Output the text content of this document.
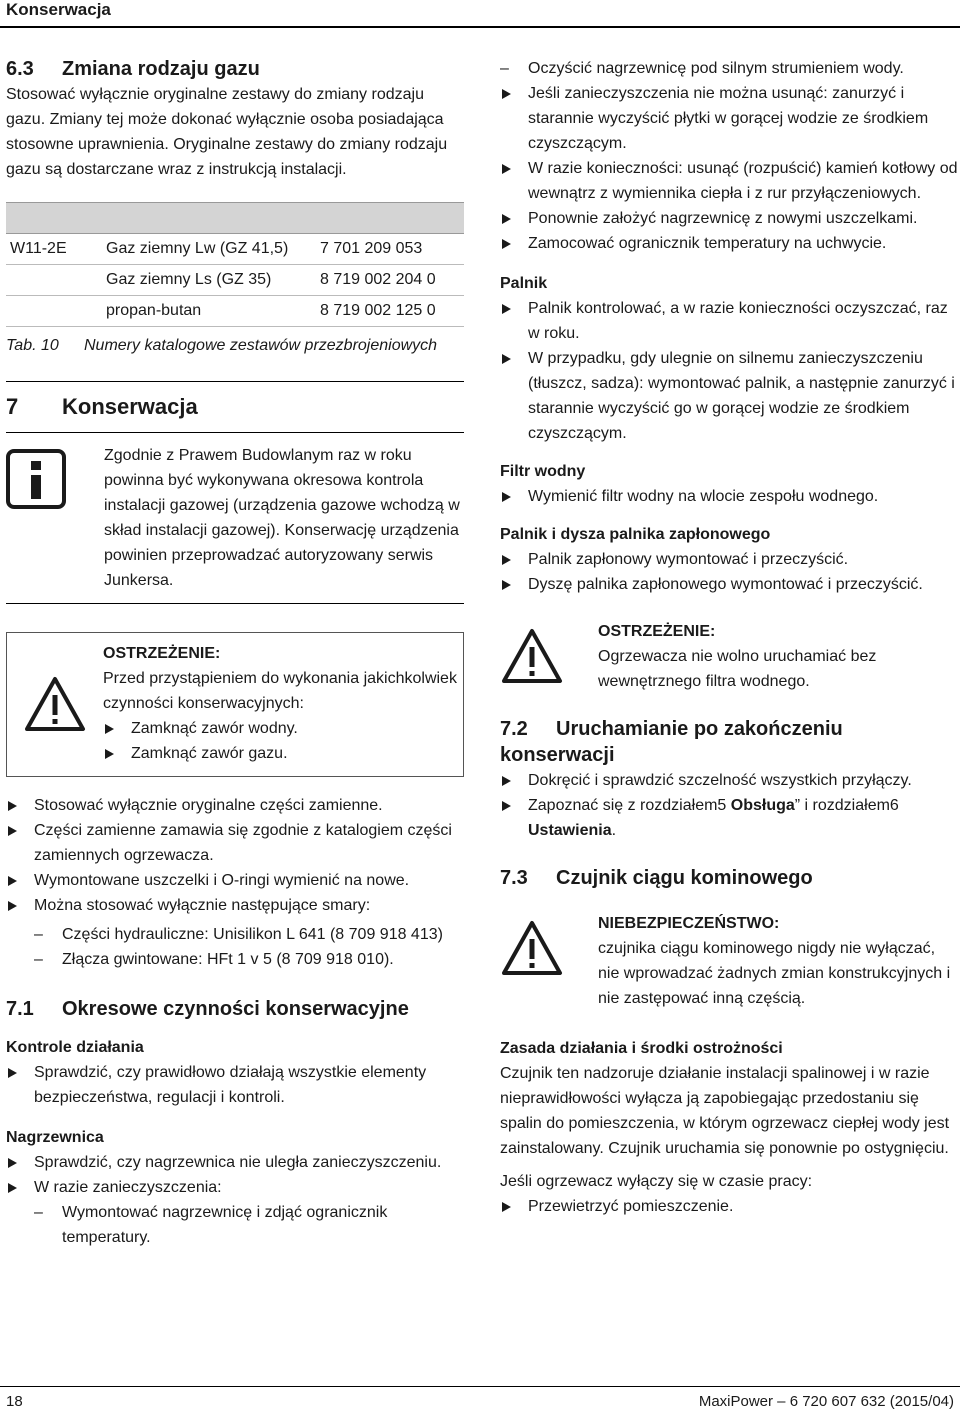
Konserwacja
6.3 Zmiana rodzaju gazu

Stosować wyłącznie oryginalne zestawy do zmiany rodzaju gazu. Zmiany tej może dokonać wyłącznie osoba posiadająca stosowne uprawnienia. Oryginalne zestawy do zmiany rodzaju gazu są dostarczane wraz z instrukcją instalacji.

W11-2E	Gaz ziemny Lw (GZ 41,5)	7 701 209 053
	Gaz ziemny Ls (GZ 35)	8 719 002 204 0
	propan-butan	8 719 002 125 0
Tab. 10	Numery katalogowe zestawów przezbrojeniowych
7 Konserwacja

Zgodnie z Prawem Budowlanym raz w roku powinna być wykonywana okresowa kontrola instalacji gazowej (urządzenia gazowe wchodzą w skład instalacji gazowej). Konserwację urządzenia powinien przeprowadzać autoryzowany serwis Junkersa.

OSTRZEŻENIE:

Przed przystąpieniem do wykonania jakichkolwiek czynności konserwacyjnych:

Zamknąć zawór wodny.
Zamknąć zawór gazu.
Stosować wyłącznie oryginalne części zamienne.
Części zamienne zamawia się zgodnie z katalogiem części zamiennych ogrzewacza.
Wymontowane uszczelki i O-ringi wymienić na nowe.
Można stosować wyłącznie następujące smary:
– Części hydrauliczne: Unisilikon L 641 (8 709 918 413)
– Złącza gwintowane: HFt 1 v 5 (8 709 918 010).
7.1 Okresowe czynności konserwacyjne
Kontrole działania
Sprawdzić, czy prawidłowo działają wszystkie elementy bezpieczeństwa, regulacji i kontroli.
Nagrzewnica
Sprawdzić, czy nagrzewnica nie uległa zanieczyszczeniu.
W razie zanieczyszczenia:
– Wymontować nagrzewnicę i zdjąć ogranicznik temperatury.
– Oczyścić nagrzewnicę pod silnym strumieniem wody.
Jeśli zanieczyszczenia nie można usunąć: zanurzyć i starannie wyczyścić płytki w gorącej wodzie ze środkiem czyszczącym.
W razie konieczności: usunąć (rozpuścić) kamień kotłowy od wewnątrz z wymiennika ciepła i z rur przyłączeniowych.
Ponownie założyć nagrzewnicę z nowymi uszczelkami.
Zamocować ogranicznik temperatury na uchwycie.
Palnik
Palnik kontrolować, a w razie konieczności oczyszczać, raz w roku.
W przypadku, gdy ulegnie on silnemu zanieczyszczeniu (tłuszcz, sadza): wymontować palnik, a następnie zanurzyć i starannie wyczyścić go w gorącej wodzie ze środkiem czyszczącym.
Filtr wodny
Wymienić filtr wodny na wlocie zespołu wodnego.
Palnik i dysza palnika zapłonowego
Palnik zapłonowy wymontować i przeczyścić.
Dyszę palnika zapłonowego wymontować i przeczyścić.
OSTRZEŻENIE:

Ogrzewacza nie wolno uruchamiać bez wewnętrznego filtra wodnego.

7.2 Uruchamianie po zakończeniu konserwacji
Dokręcić i sprawdzić szczelność wszystkich przyłączy.
Zapoznać się z rozdziałem5 Obsługa” i rozdziałem6 Ustawienia.
7.3 Czujnik ciągu kominowego
NIEBEZPIECZEŃSTWO:

czujnika ciągu kominowego nigdy nie wyłączać, nie wprowadzać żadnych zmian konstrukcyjnych i nie zastępować inną częścią.

Zasada działania i środki ostrożności

Czujnik ten nadzoruje działanie instalacji spalinowej i w razie nieprawidłowości wyłącza ją zapobiegając przedostaniu się spalin do pomieszczenia, w którym ogrzewacz ciepłej wody jest zainstalowany. Czujnik uruchamia się ponownie po ostygnięciu.

Jeśli ogrzewacz wyłączy się w czasie pracy:

Przewietrzyć pomieszczenie.
18	MaxiPower – 6 720 607 632 (2015/04)
